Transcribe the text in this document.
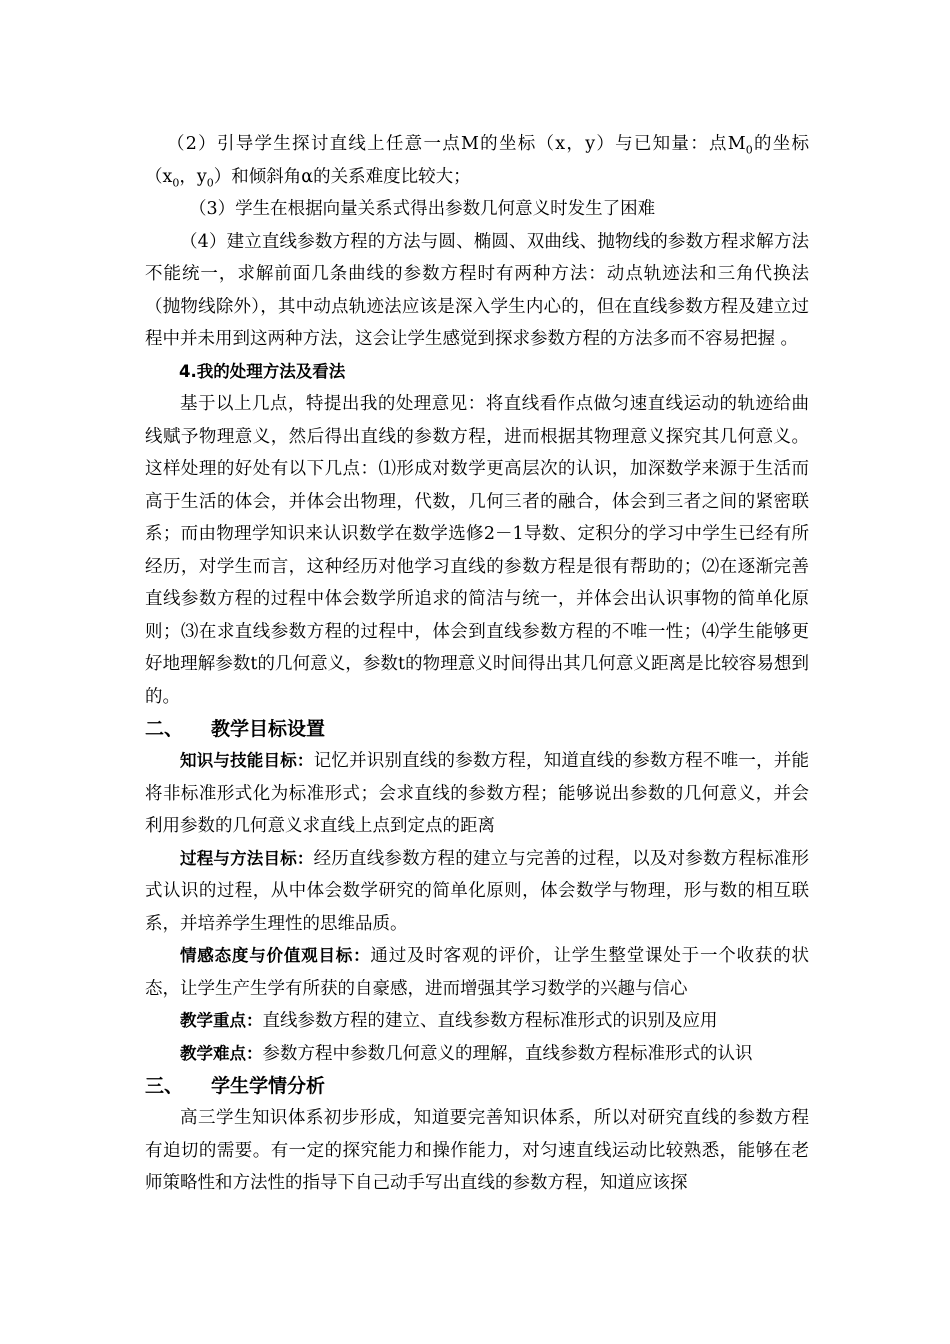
（2）引导学生探讨直线上任意一点M的坐标（x，y）与已知量：点$M_0$的坐标（$x_0$，$y_0$）和倾斜角α的关系难度比较大；

（3）学生在根据向量关系式得出参数几何意义时发生了困难

（4）建立直线参数方程的方法与圆、椭圆、双曲线、抛物线的参数方程求解方法不能统一，求解前面几条曲线的参数方程时有两种方法：动点轨迹法和三角代换法（抛物线除外），其中动点轨迹法应该是深入学生内心的，但在直线参数方程及建立过程中并未用到这两种方法，这会让学生感觉到探求参数方程的方法多而不容易把握 。

4.我的处理方法及看法

基于以上几点，特提出我的处理意见：将直线看作点做匀速直线运动的轨迹给曲线赋予物理意义，然后得出直线的参数方程，进而根据其物理意义探究其几何意义。这样处理的好处有以下几点：⑴形成对数学更高层次的认识，加深数学来源于生活而高于生活的体会，并体会出物理，代数，几何三者的融合，体会到三者之间的紧密联系；而由物理学知识来认识数学在数学选修2－1导数、定积分的学习中学生已经有所经历，对学生而言，这种经历对他学习直线的参数方程是很有帮助的；⑵在逐渐完善直线参数方程的过程中体会数学所追求的简洁与统一，并体会出认识事物的简单化原则；⑶在求直线参数方程的过程中，体会到直线参数方程的不唯一性；⑷学生能够更好地理解参数t的几何意义，参数t的物理意义时间得出其几何意义距离是比较容易想到的。

二、 教学目标设置

知识与技能目标：记忆并识别直线的参数方程，知道直线的参数方程不唯一，并能将非标准形式化为标准形式；会求直线的参数方程；能够说出参数的几何意义，并会利用参数的几何意义求直线上点到定点的距离

过程与方法目标：经历直线参数方程的建立与完善的过程，以及对参数方程标准形式认识的过程，从中体会数学研究的简单化原则，体会数学与物理，形与数的相互联系，并培养学生理性的思维品质。

情感态度与价值观目标：通过及时客观的评价，让学生整堂课处于一个收获的状态，让学生产生学有所获的自豪感，进而增强其学习数学的兴趣与信心

教学重点：直线参数方程的建立、直线参数方程标准形式的识别及应用

教学难点：参数方程中参数几何意义的理解，直线参数方程标准形式的认识

三、 学生学情分析

高三学生知识体系初步形成，知道要完善知识体系，所以对研究直线的参数方程有迫切的需要。有一定的探究能力和操作能力，对匀速直线运动比较熟悉，能够在老师策略性和方法性的指导下自己动手写出直线的参数方程，知道应该探
